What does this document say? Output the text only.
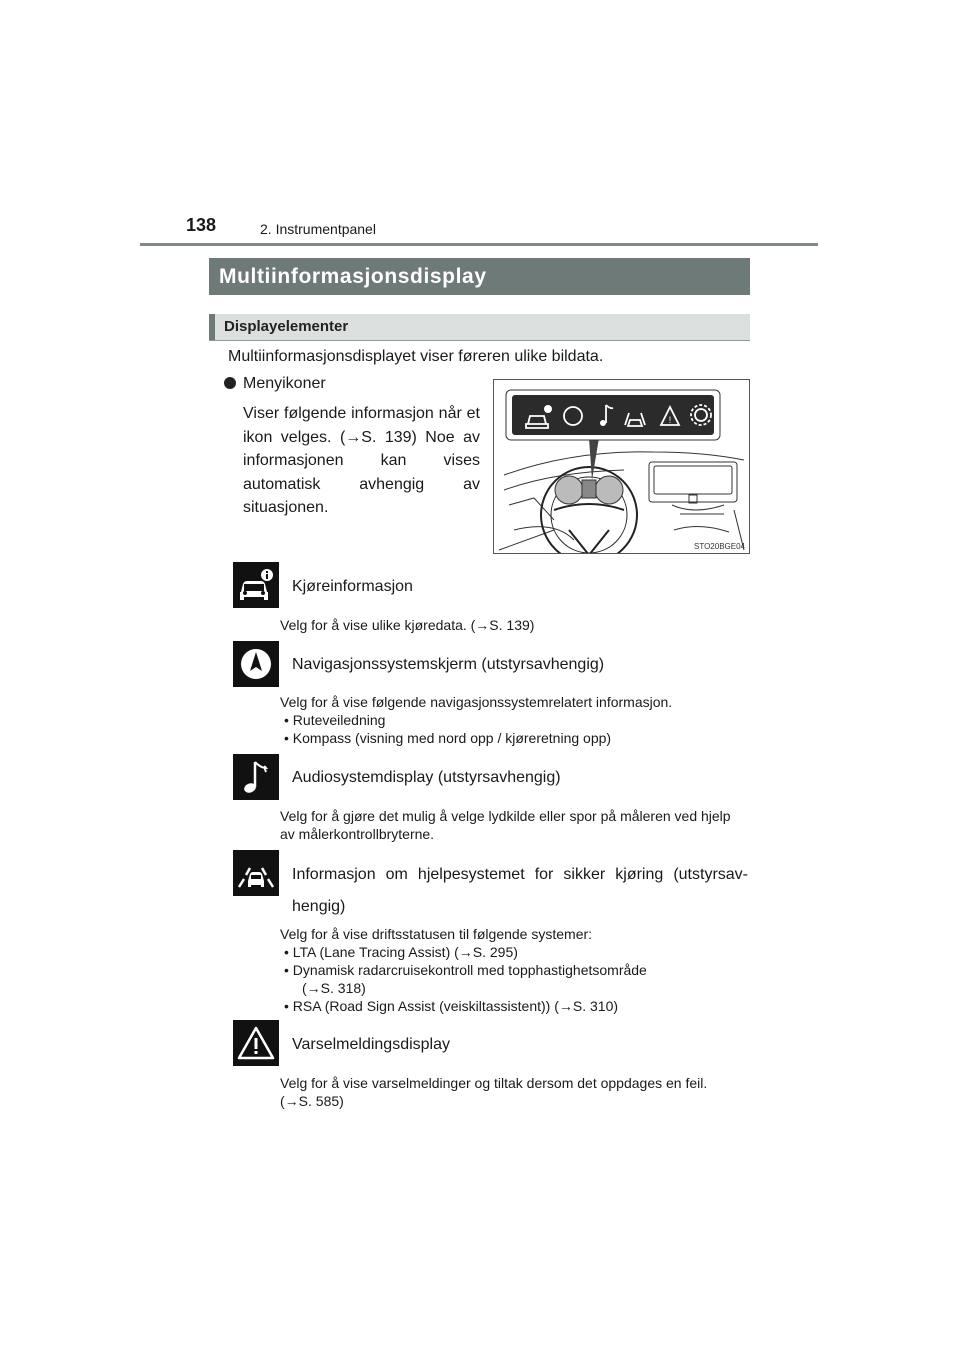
138	2. Instrumentpanel
Multiinformasjonsdisplay
Displayelementer
Multiinformasjonsdisplayet viser føreren ulike bildata.
Menyikoner
Viser følgende informasjon når et ikon velges. (→S. 139) Noe av informasjonen kan vises automatisk avhengig av situasjonen.
!
STO20BGE04
Kjøreinformasjon
Velg for å vise ulike kjøredata. (→S. 139)
Navigasjonssystemskjerm (utstyrsavhengig)
Velg for å vise følgende navigasjonssystemrelatert informasjon.
• Ruteveiledning
• Kompass (visning med nord opp / kjøreretning opp)
Audiosystemdisplay (utstyrsavhengig)
Velg for å gjøre det mulig å velge lydkilde eller spor på måleren ved hjelp av målerkontrollbryterne.
Informasjon om hjelpesystemet for sikker kjøring (utstyrsav-
hengig)
Velg for å vise driftsstatusen til følgende systemer:
• LTA (Lane Tracing Assist) (→S. 295)
• Dynamisk radarcruisekontroll med topphastighetsområde
(→S. 318)
• RSA (Road Sign Assist (veiskiltassistent)) (→S. 310)
Varselmeldingsdisplay
Velg for å vise varselmeldinger og tiltak dersom det oppdages en feil.
(→S. 585)
